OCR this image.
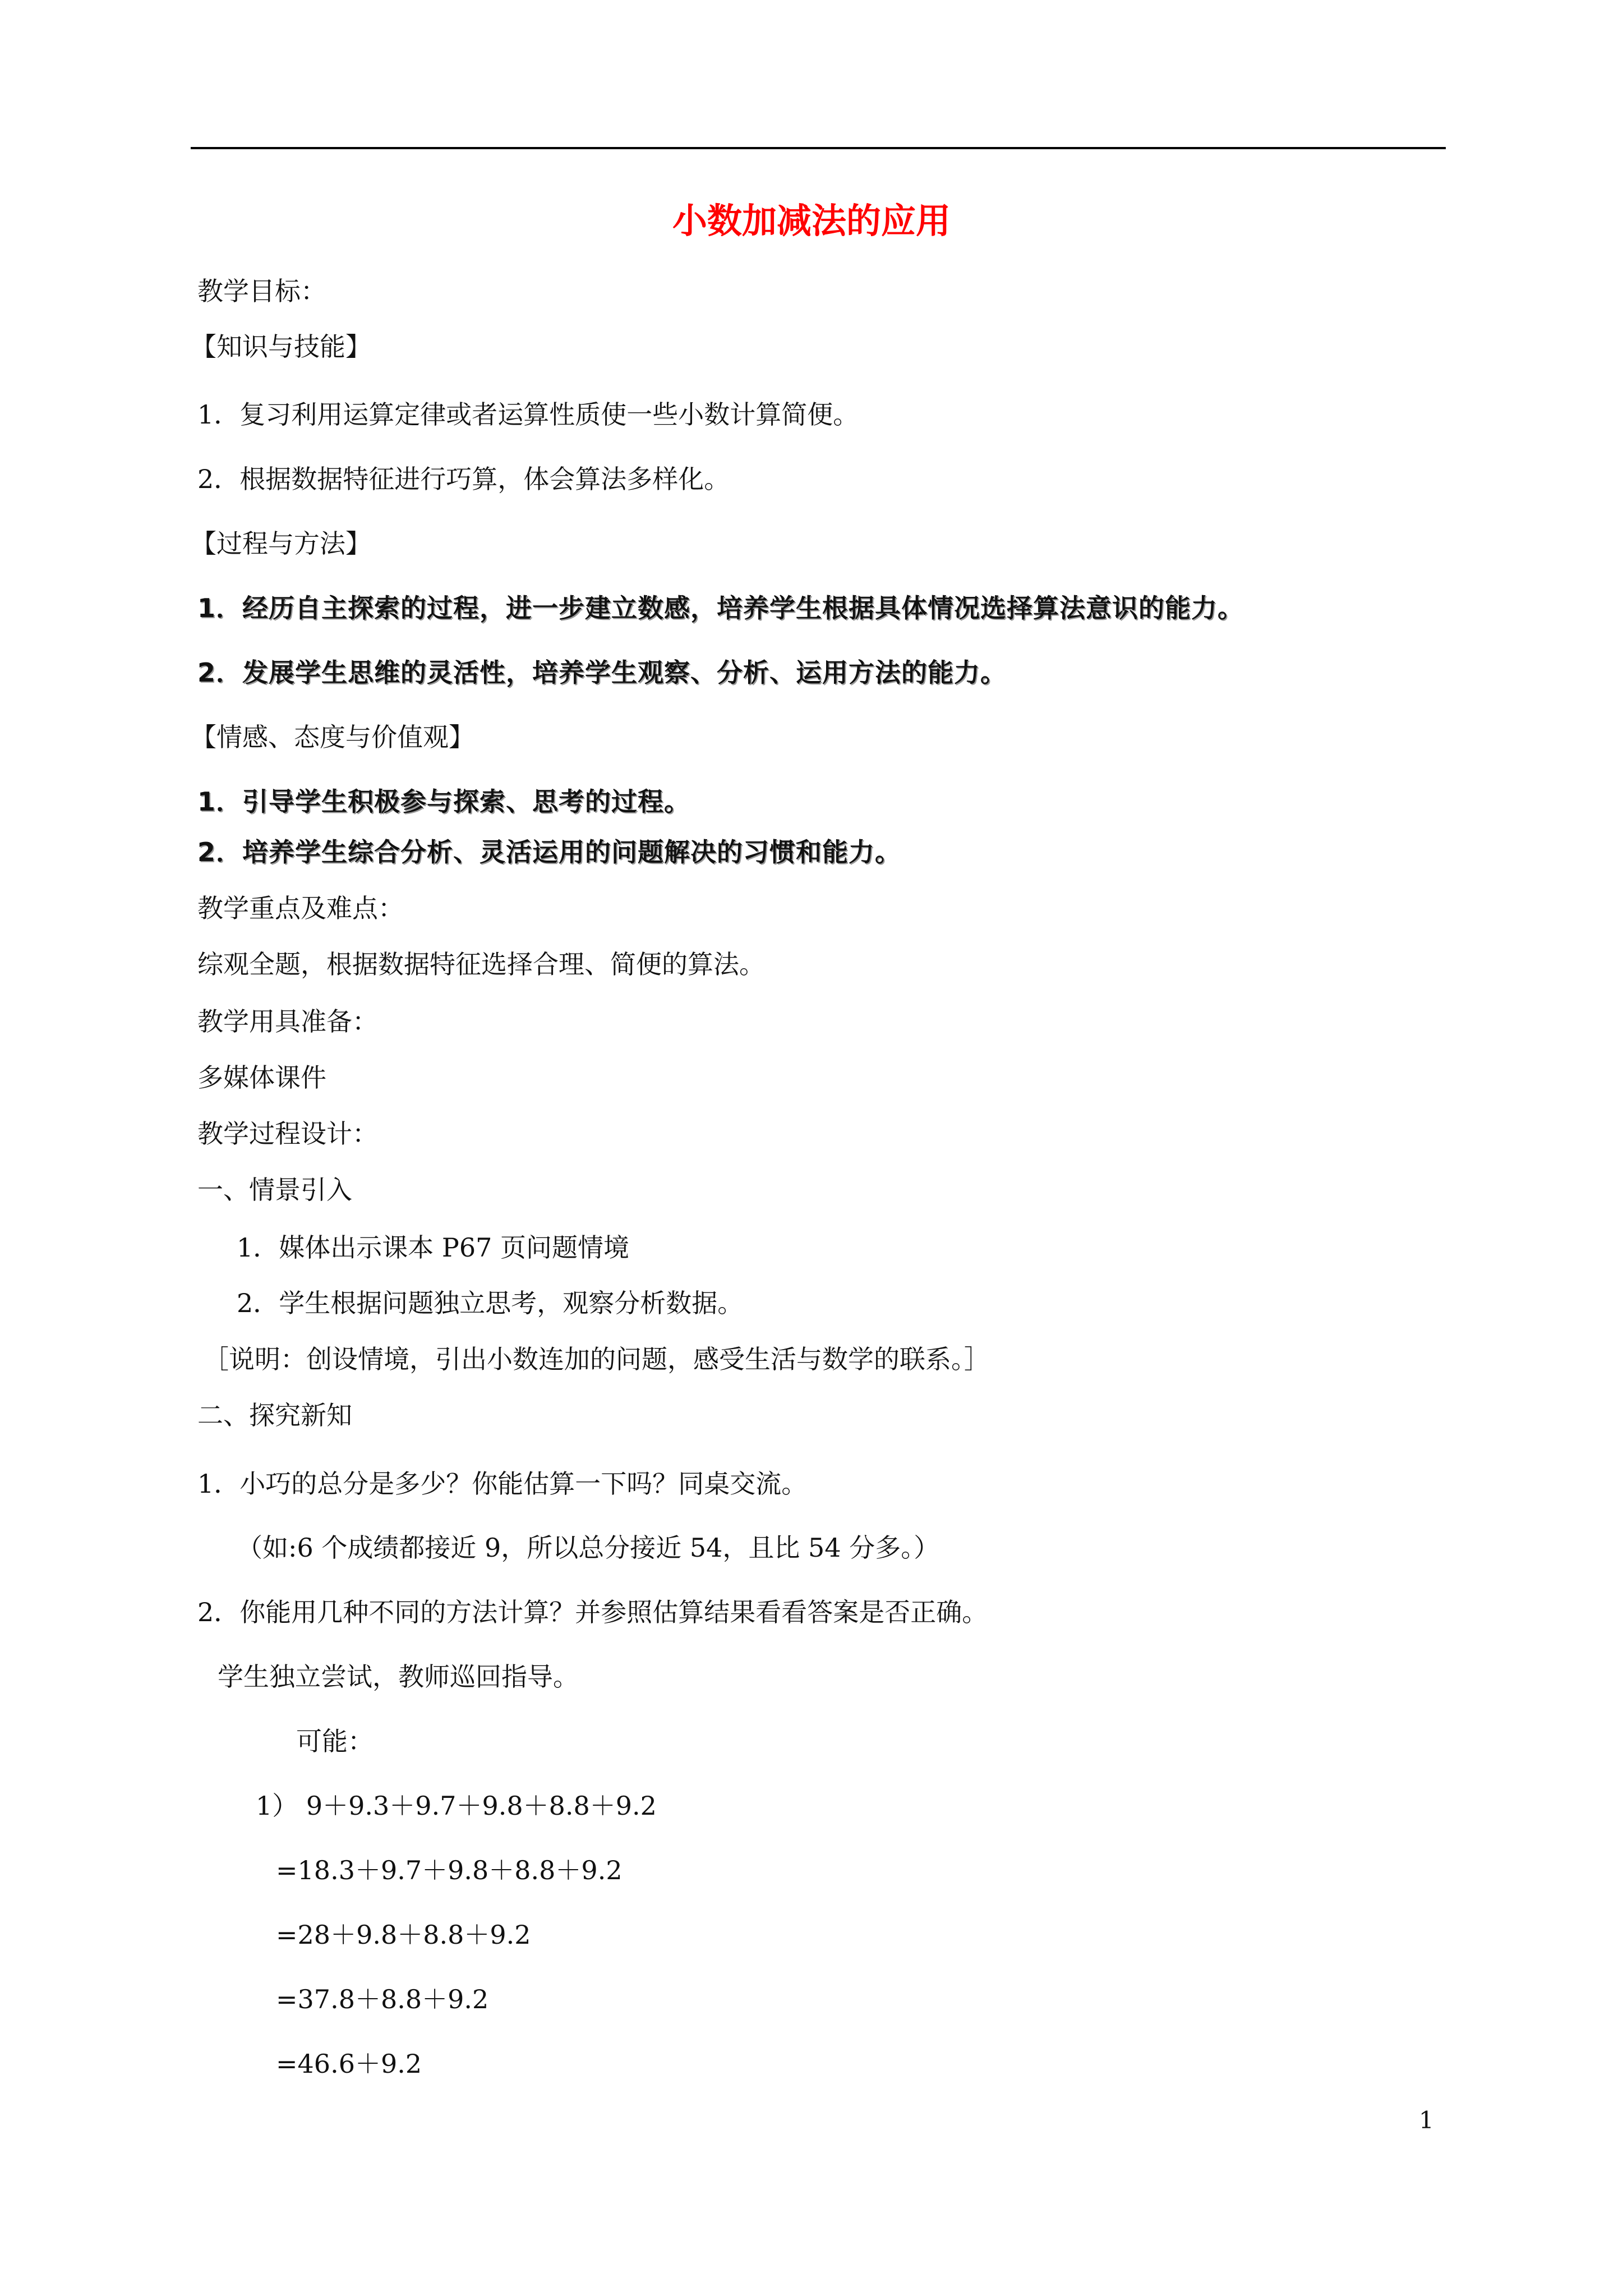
小数加减法的应用
教学目标：
【知识与技能】
1．复习利用运算定律或者运算性质使一些小数计算简便。
2．根据数据特征进行巧算，体会算法多样化。
【过程与方法】
1．经历自主探索的过程，进一步建立数感，培养学生根据具体情况选择算法意识的能力。
2．发展学生思维的灵活性，培养学生观察、分析、运用方法的能力。
【情感、态度与价值观】
1．引导学生积极参与探索、思考的过程。
2．培养学生综合分析、灵活运用的问题解决的习惯和能力。
教学重点及难点：
综观全题，根据数据特征选择合理、简便的算法。
教学用具准备：
多媒体课件
教学过程设计：
一、情景引入
1．媒体出示课本 P67 页问题情境
2．学生根据问题独立思考，观察分析数据。
［说明：创设情境，引出小数连加的问题，感受生活与数学的联系。］
二、探究新知
1．小巧的总分是多少？你能估算一下吗？同桌交流。
（如:6 个成绩都接近 9，所以总分接近 54，且比 54 分多。）
2．你能用几种不同的方法计算？并参照估算结果看看答案是否正确。
学生独立尝试，教师巡回指导。
可能：
1） 9＋9.3＋9.7＋9.8＋8.8＋9.2
=18.3＋9.7＋9.8＋8.8＋9.2
=28＋9.8＋8.8＋9.2
=37.8＋8.8＋9.2
=46.6＋9.2
1
